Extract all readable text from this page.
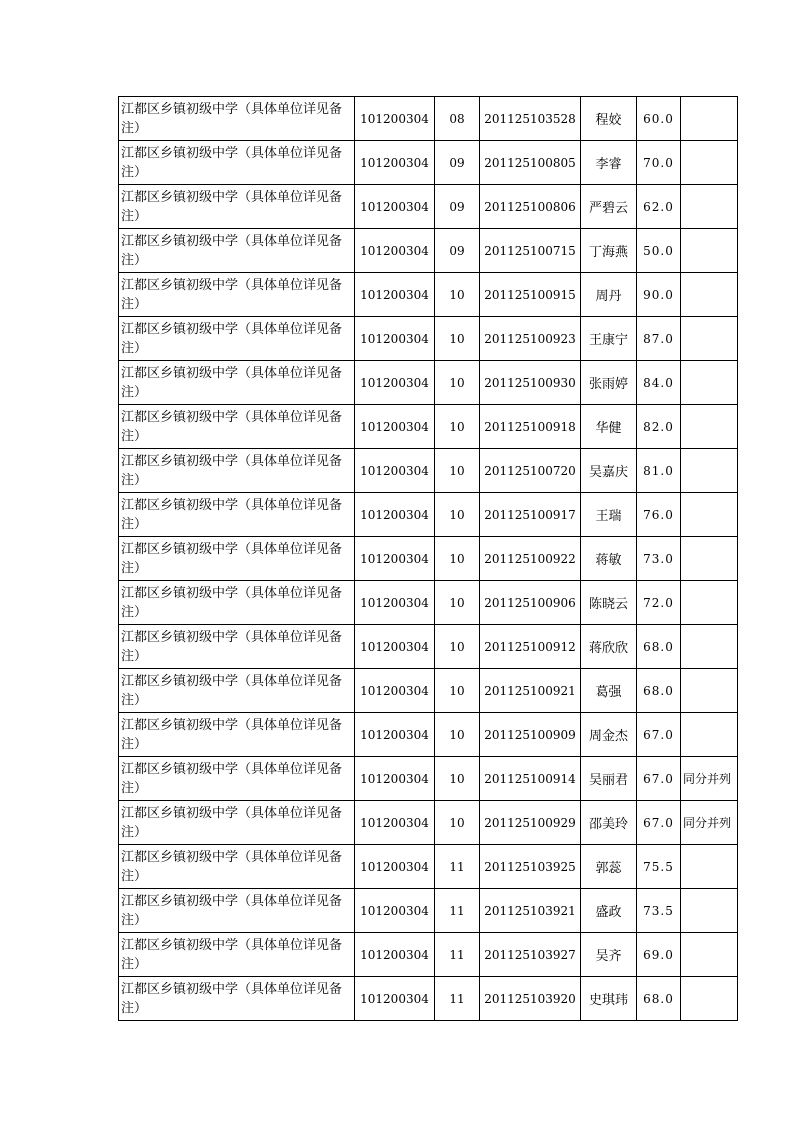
江都区乡镇初级中学（具体单位详见备注）	101200304	08	201125103528	程姣	60.0	
江都区乡镇初级中学（具体单位详见备注）	101200304	09	201125100805	李睿	70.0	
江都区乡镇初级中学（具体单位详见备注）	101200304	09	201125100806	严碧云	62.0	
江都区乡镇初级中学（具体单位详见备注）	101200304	09	201125100715	丁海燕	50.0	
江都区乡镇初级中学（具体单位详见备注）	101200304	10	201125100915	周丹	90.0	
江都区乡镇初级中学（具体单位详见备注）	101200304	10	201125100923	王康宁	87.0	
江都区乡镇初级中学（具体单位详见备注）	101200304	10	201125100930	张雨婷	84.0	
江都区乡镇初级中学（具体单位详见备注）	101200304	10	201125100918	华健	82.0	
江都区乡镇初级中学（具体单位详见备注）	101200304	10	201125100720	吴嘉庆	81.0	
江都区乡镇初级中学（具体单位详见备注）	101200304	10	201125100917	王瑞	76.0	
江都区乡镇初级中学（具体单位详见备注）	101200304	10	201125100922	蒋敏	73.0	
江都区乡镇初级中学（具体单位详见备注）	101200304	10	201125100906	陈晓云	72.0	
江都区乡镇初级中学（具体单位详见备注）	101200304	10	201125100912	蒋欣欣	68.0	
江都区乡镇初级中学（具体单位详见备注）	101200304	10	201125100921	葛强	68.0	
江都区乡镇初级中学（具体单位详见备注）	101200304	10	201125100909	周金杰	67.0	
江都区乡镇初级中学（具体单位详见备注）	101200304	10	201125100914	吴丽君	67.0	同分并列
江都区乡镇初级中学（具体单位详见备注）	101200304	10	201125100929	邵美玲	67.0	同分并列
江都区乡镇初级中学（具体单位详见备注）	101200304	11	201125103925	郭蕊	75.5	
江都区乡镇初级中学（具体单位详见备注）	101200304	11	201125103921	盛政	73.5	
江都区乡镇初级中学（具体单位详见备注）	101200304	11	201125103927	吴齐	69.0	
江都区乡镇初级中学（具体单位详见备注）	101200304	11	201125103920	史琪玮	68.0	
